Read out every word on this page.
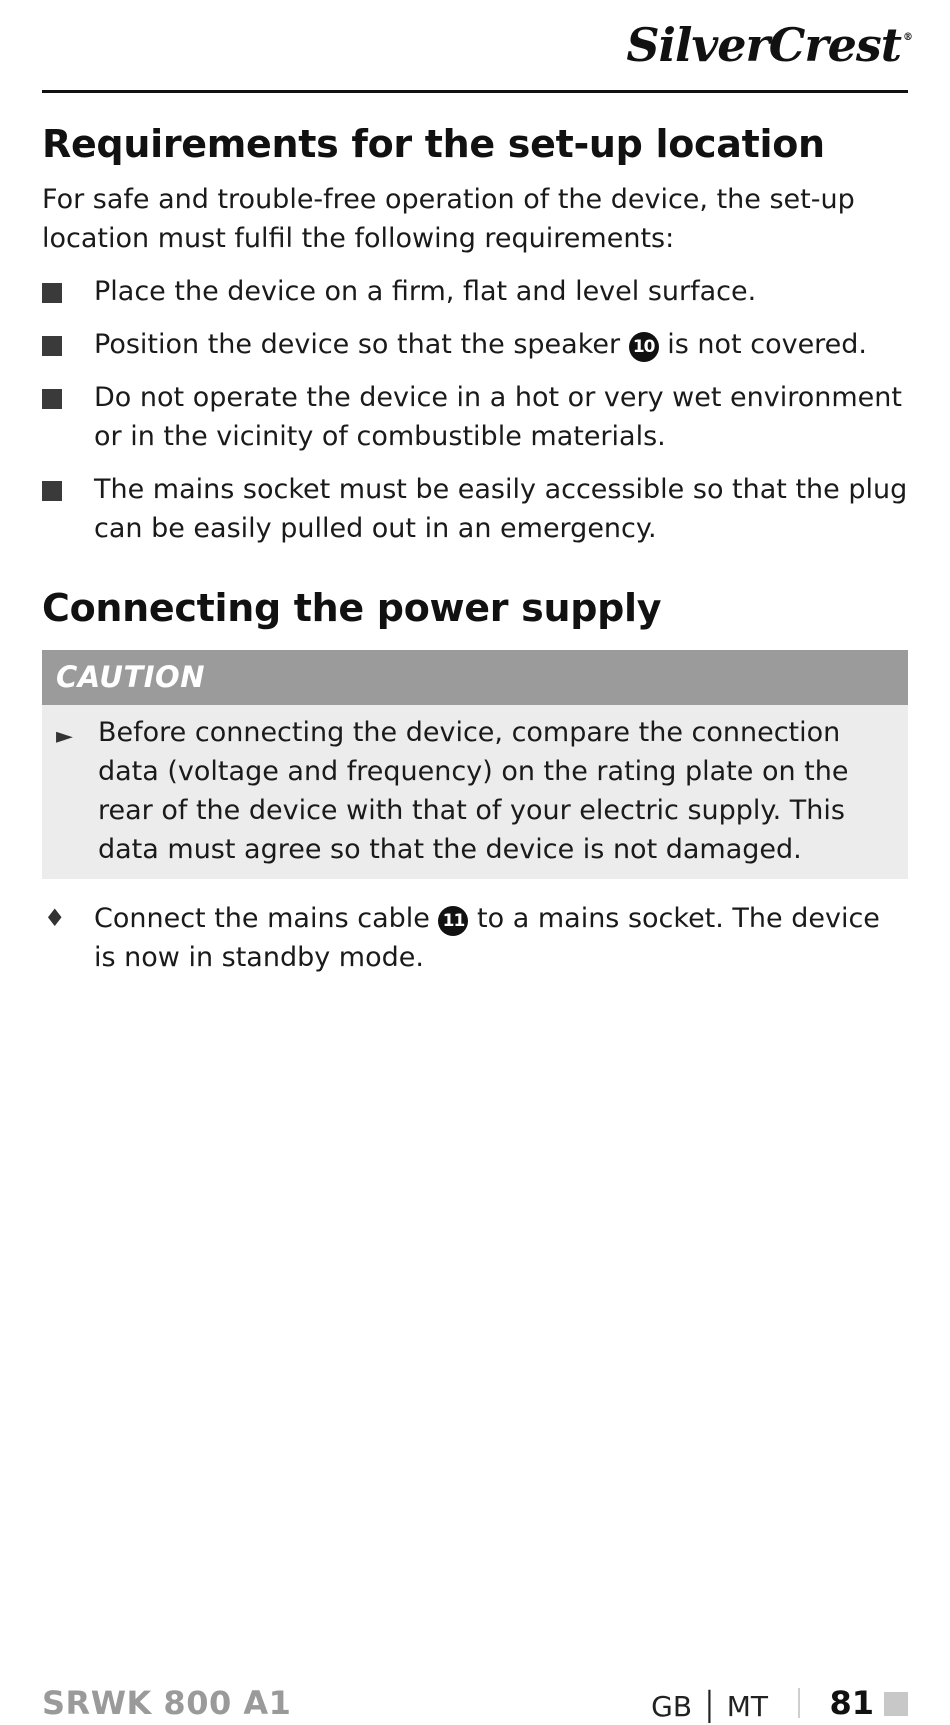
SilverCrest ®
Requirements for the set-up location

For safe and trouble-free operation of the device, the set-up location must fulfil the following requirements:

Place the device on a firm, flat and level surface.
Position the device so that the speaker 10 is not covered.
Do not operate the device in a hot or very wet environment or in the vicinity of combustible materials.
The mains socket must be easily accessible so that the plug can be easily pulled out in an emergency.
Connecting the power supply
CAUTION
► Before connecting the device, compare the connection data (voltage and frequency) on the rating plate on the rear of the device with that of your electric supply. This data must agree so that the device is not damaged.
♦ Connect the mains cable 11 to a mains socket. The device is now in standby mode.
SRWK 800 A1	GB │ MT 81
